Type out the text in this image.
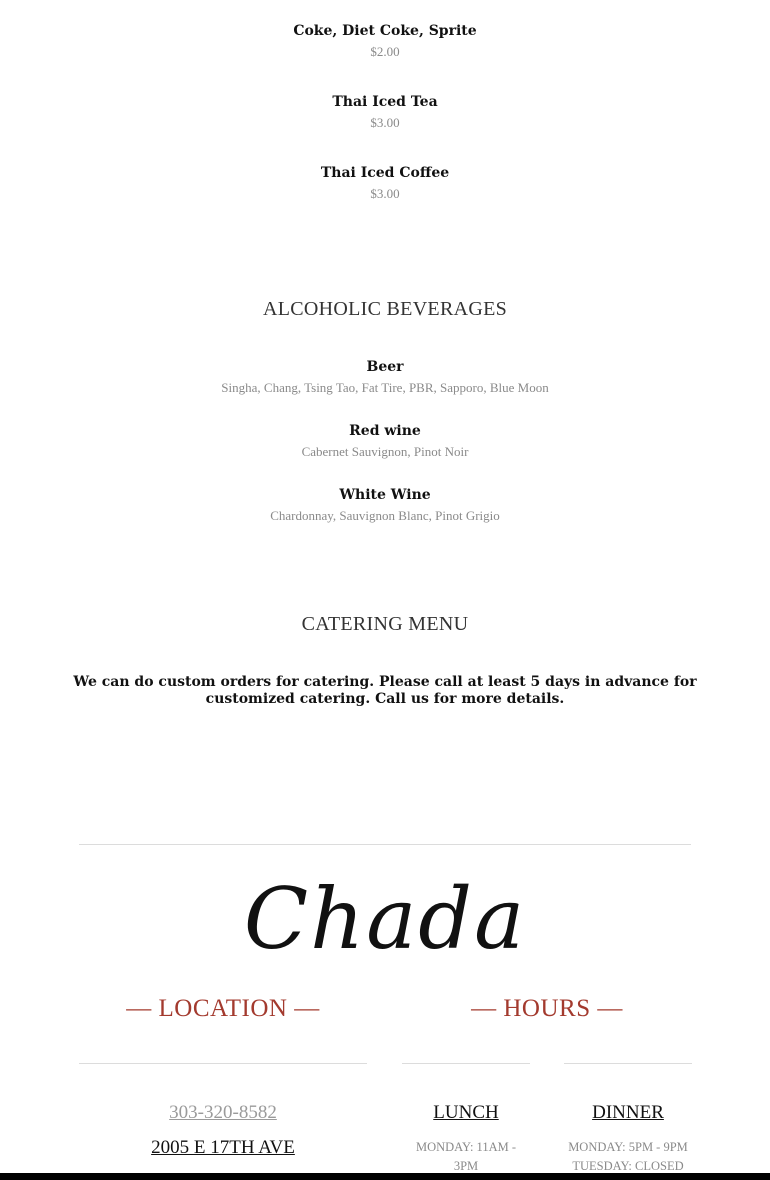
Coke, Diet Coke, Sprite
$2.00
Thai Iced Tea
$3.00
Thai Iced Coffee
$3.00
ALCOHOLIC BEVERAGES
Beer
Singha, Chang, Tsing Tao, Fat Tire, PBR, Sapporo, Blue Moon
Red wine
Cabernet Sauvignon, Pinot Noir
White Wine
Chardonnay, Sauvignon Blanc, Pinot Grigio
CATERING MENU
We can do custom orders for catering. Please call at least 5 days in advance for customized catering. Call us for more details.
Chada
— LOCATION —	— HOURS —
303-320-8582
2005 E 17TH AVE
LUNCH
MONDAY: 11AM -
3PM
DINNER
MONDAY: 5PM - 9PM
TUESDAY: CLOSED
